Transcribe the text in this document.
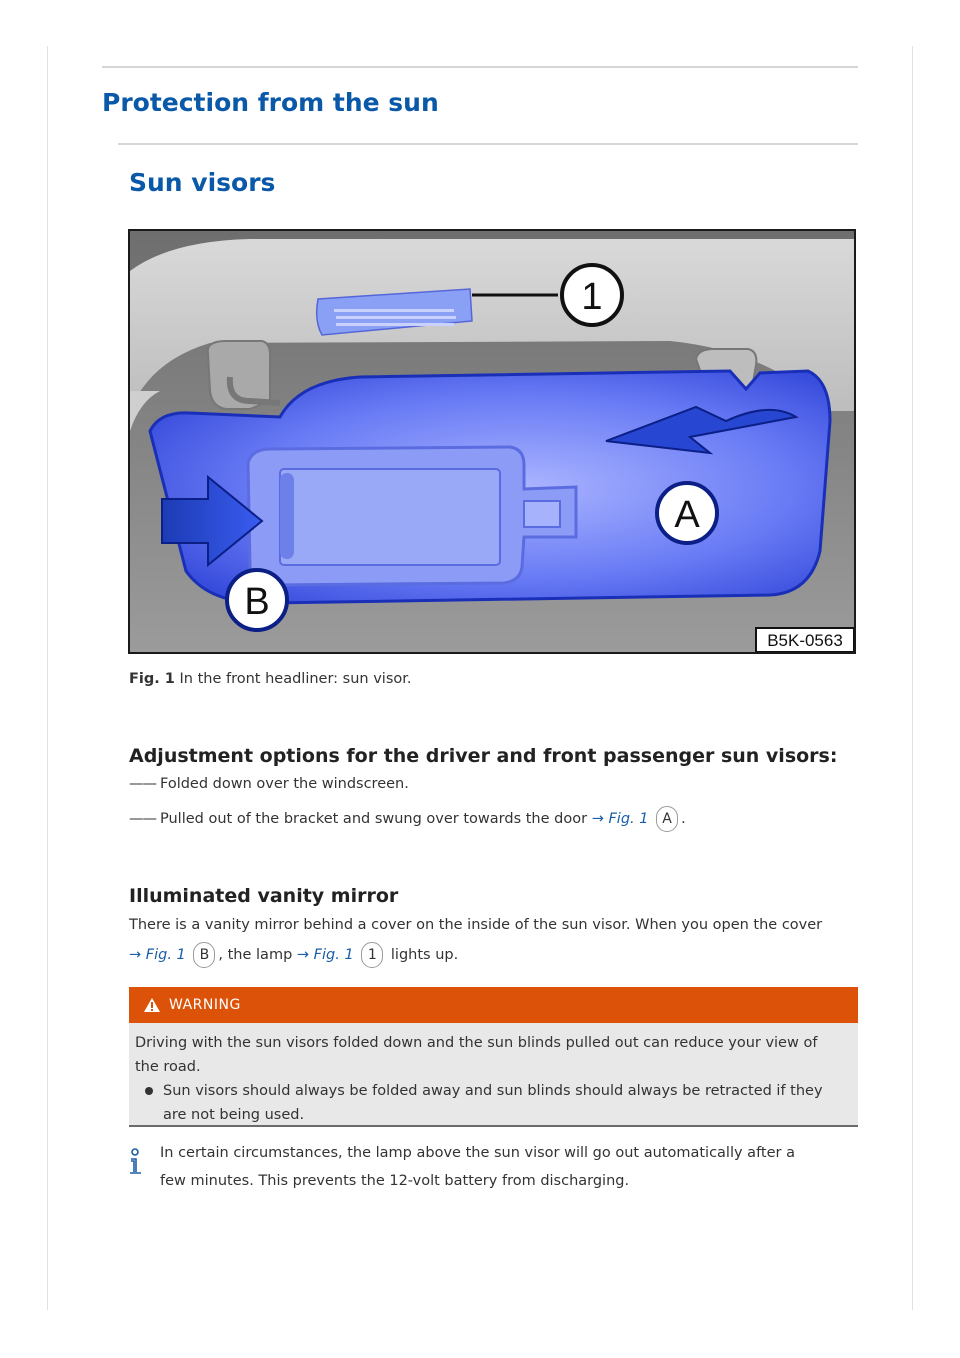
Protection from the sun
Sun visors
1
A
B
B5K-0563
Fig. 1 In the front headliner: sun visor.
Adjustment options for the driver and front passenger sun visors:
—— Folded down over the windscreen.
—— Pulled out of the bracket and swung over towards the door → Fig. 1 A .
Illuminated vanity mirror
There is a vanity mirror behind a cover on the inside of the sun visor. When you open the cover
→ Fig. 1 B , the lamp → Fig. 1 1 lights up.
WARNING
Driving with the sun visors folded down and the sun blinds pulled out can reduce your view of
the road.
Sun visors should always be folded away and sun blinds should always be retracted if they
are not being used.
In certain circumstances, the lamp above the sun visor will go out automatically after a
few minutes. This prevents the 12-volt battery from discharging.
